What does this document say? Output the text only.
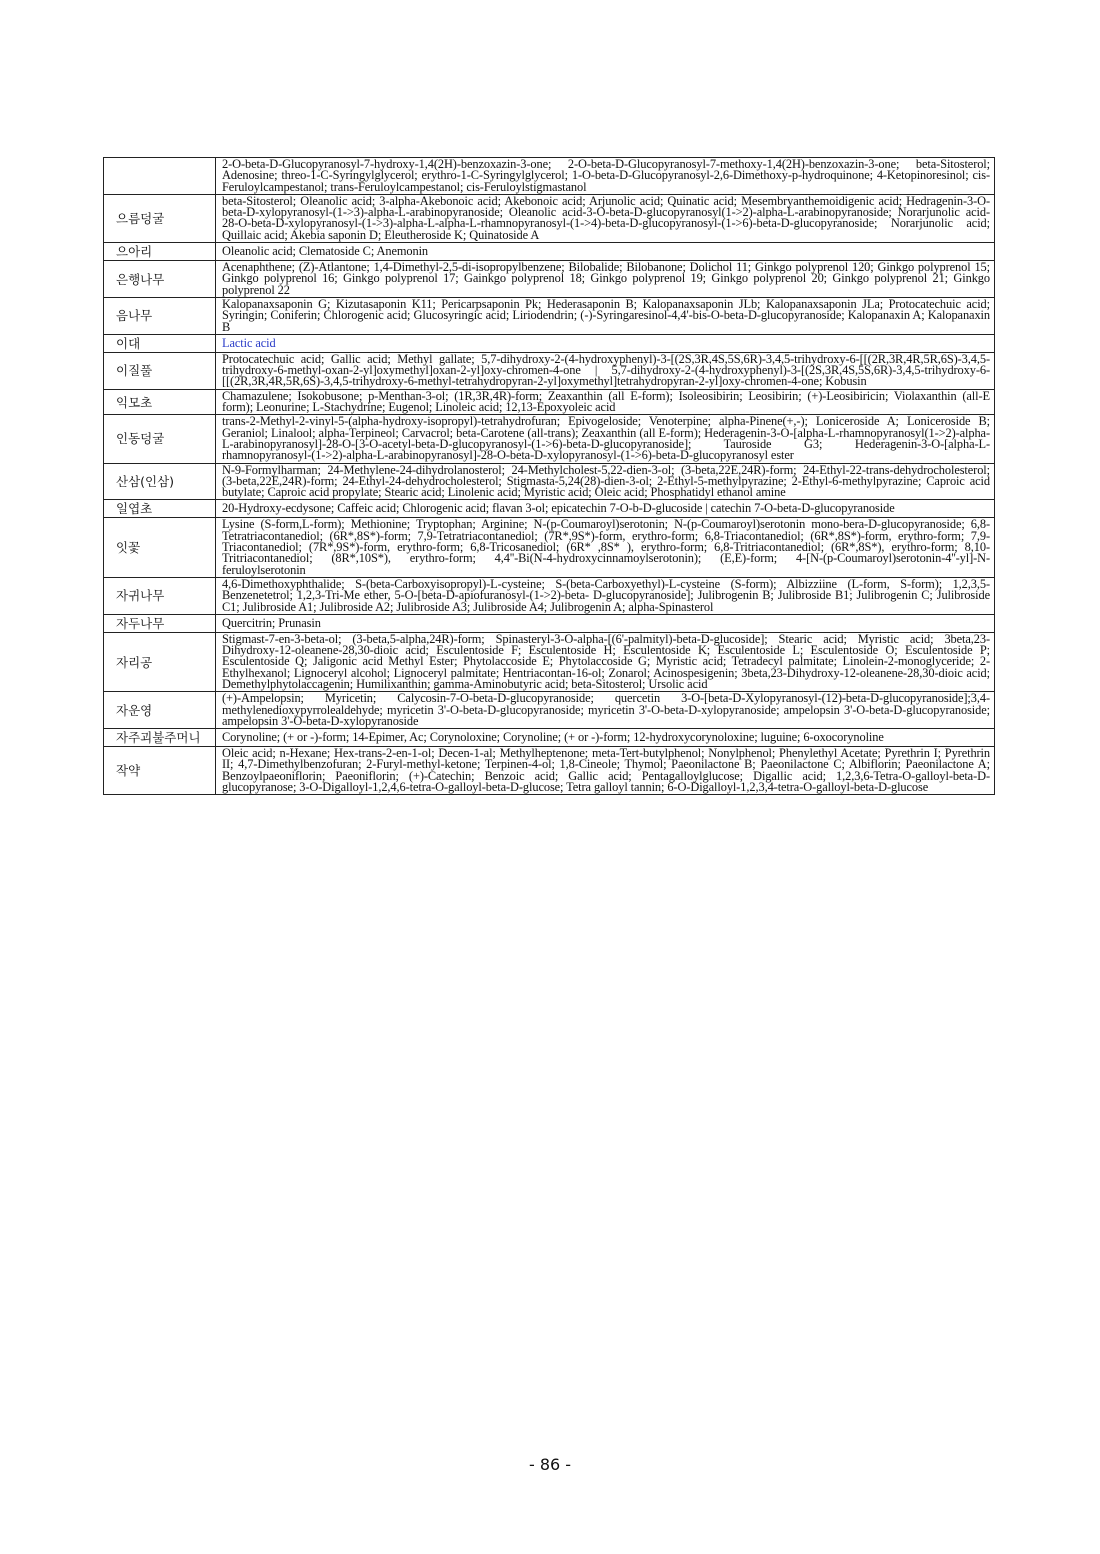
	2-O-beta-D-Glucopyranosyl-7-hydroxy-1,4(2H)-benzoxazin-3-one; 2-O-beta-D-Glucopyranosyl-7-methoxy-1,4(2H)-benzoxazin-3-one; beta-Sitosterol; Adenosine; threo-1-C-Syringylglycerol; erythro-1-C-Syringylglycerol; 1-O-beta-D-Glucopyranosyl-2,6-Dimethoxy-p-hydroquinone; 4-Ketopinoresinol; cis-Feruloylcampestanol; trans-Feruloylcampestanol; cis-Feruloylstigmastanol
으름덩굴	beta-Sitosterol; Oleanolic acid; 3-alpha-Akebonoic acid; Akebonoic acid; Arjunolic acid; Quinatic acid; Mesembryanthemoidigenic acid; Hedragenin-3-O-beta-D-xylopyranosyl-(1->3)-alpha-L-arabinopyranoside; Oleanolic acid-3-O-beta-D-glucopyranosyl(1->2)-alpha-L-arabinopyranoside; Norarjunolic acid-28-O-beta-D-xylopyranosyl-(1->3)-alpha-L-alpha-L-rhamnopyranosyl-(1->4)-beta-D-glucopyranosyl-(1->6)-beta-D-glucopyranoside; Norarjunolic acid; Quillaic acid; Akebia saponin D; Eleutheroside K; Quinatoside A
으아리	Oleanolic acid; Clematoside C; Anemonin
은행나무	Acenaphthene; (Z)-Atlantone; 1,4-Dimethyl-2,5-di-isopropylbenzene; Bilobalide; Bilobanone; Dolichol 11; Ginkgo polyprenol 120; Ginkgo polyprenol 15; Ginkgo polyprenol 16; Ginkgo polyprenol 17; Gainkgo polyprenol 18; Ginkgo polyprenol 19; Ginkgo polyprenol 20; Ginkgo polyprenol 21; Ginkgo polyprenol 22
음나무	Kalopanaxsaponin G; Kizutasaponin K11; Pericarpsaponin Pk; Hederasaponin B; Kalopanaxsaponin JLb; Kalopanaxsaponin JLa; Protocatechuic acid; Syringin; Coniferin; Chlorogenic acid; Glucosyringic acid; Liriodendrin; (-)-Syringaresinol-4,4'-bis-O-beta-D-glucopyranoside; Kalopanaxin A; Kalopanaxin B
이대	Lactic acid
이질풀	Protocatechuic acid; Gallic acid; Methyl gallate; 5,7-dihydroxy-2-(4-hydroxyphenyl)-3-[(2S,3R,4S,5S,6R)-3,4,5-trihydroxy-6-[[(2R,3R,4R,5R,6S)-3,4,5-trihydroxy-6-methyl-oxan-2-yl]oxymethyl]oxan-2-yl]oxy-chromen-4-one | 5,7-dihydroxy-2-(4-hydroxyphenyl)-3-[(2S,3R,4S,5S,6R)-3,4,5-trihydroxy-6-[[(2R,3R,4R,5R,6S)-3,4,5-trihydroxy-6-methyl-tetrahydropyran-2-yl]oxymethyl]tetrahydropyran-2-yl]oxy-chromen-4-one; Kobusin
익모초	Chamazulene; Isokobusone; p-Menthan-3-ol; (1R,3R,4R)-form; Zeaxanthin (all E-form); Isoleosibirin; Leosibirin; (+)-Leosibiricin; Violaxanthin (all-E form); Leonurine; L-Stachydrine; Eugenol; Linoleic acid; 12,13-Epoxyoleic acid
인동덩굴	trans-2-Methyl-2-vinyl-5-(alpha-hydroxy-isopropyl)-tetrahydrofuran; Epivogeloside; Venoterpine; alpha-Pinene(+,-); Loniceroside A; Loniceroside B; Geraniol; Linalool; alpha-Terpineol; Carvacrol; beta-Carotene (all-trans); Zeaxanthin (all E-form); Hederagenin-3-O-[alpha-L-rhamnopyranosyl(1->2)-alpha-L-arabinopyranosyl]-28-O-[3-O-acetyl-beta-D-glucopyranosyl-(1->6)-beta-D-glucopyranoside]; Tauroside G3; Hederagenin-3-O-[alpha-L-rhamnopyranosyl-(1->2)-alpha-L-arabinopyranosyl]-28-O-beta-D-xylopyranosyl-(1->6)-beta-D-glucopyranosyl ester
산삼(인삼)	N-9-Formylharman; 24-Methylene-24-dihydrolanosterol; 24-Methylcholest-5,22-dien-3-ol; (3-beta,22E,24R)-form; 24-Ethyl-22-trans-dehydrocholesterol; (3-beta,22E,24R)-form; 24-Ethyl-24-dehydrocholesterol; Stigmasta-5,24(28)-dien-3-ol; 2-Ethyl-5-methylpyrazine; 2-Ethyl-6-methylpyrazine; Caproic acid butylate; Caproic acid propylate; Stearic acid; Linolenic acid; Myristic acid; Oleic acid; Phosphatidyl ethanol amine
일엽초	20-Hydroxy-ecdysone; Caffeic acid; Chlorogenic acid; flavan 3-ol; epicatechin 7-O-b-D-glucoside | catechin 7-O-beta-D-glucopyranoside
잇꽃	Lysine (S-form,L-form); Methionine; Tryptophan; Arginine; N-(p-Coumaroyl)serotonin; N-(p-Coumaroyl)serotonin mono-bera-D-glucopyranoside; 6,8-Tetratriacontanediol; (6R*,8S*)-form; 7,9-Tetratriacontanediol; (7R*,9S*)-form, erythro-form; 6,8-Triacontanediol; (6R*,8S*)-form, erythro-form; 7,9-Triacontanediol; (7R*,9S*)-form, erythro-form; 6,8-Tricosanediol; (6R* ,8S* ), erythro-form; 6,8-Tritriacontanediol; (6R*,8S*), erythro-form; 8,10-Tritriacontanediol; (8R*,10S*), erythro-form; 4,4''-Bi(N-4-hydroxycinnamoylserotonin); (E,E)-form; 4-[N-(p-Coumaroyl)serotonin-4''-yl]-N-feruloylserotonin
자귀나무	4,6-Dimethoxyphthalide; S-(beta-Carboxyisopropyl)-L-cysteine; S-(beta-Carboxyethyl)-L-cysteine (S-form); Albizziine (L-form, S-form); 1,2,3,5-Benzenetetrol; 1,2,3-Tri-Me ether, 5-O-[beta-D-apiofuranosyl-(1->2)-beta- D-glucopyranoside]; Julibrogenin B; Julibroside B1; Julibrogenin C; Julibroside C1; Julibroside A1; Julibroside A2; Julibroside A3; Julibroside A4; Julibrogenin A; alpha-Spinasterol
자두나무	Quercitrin; Prunasin
자리공	Stigmast-7-en-3-beta-ol; (3-beta,5-alpha,24R)-form; Spinasteryl-3-O-alpha-[(6'-palmityl)-beta-D-glucoside]; Stearic acid; Myristic acid; 3beta,23-Dihydroxy-12-oleanene-28,30-dioic acid; Esculentoside F; Esculentoside H; Esculentoside K; Esculentoside L; Esculentoside O; Esculentoside P; Esculentoside Q; Jaligonic acid Methyl Ester; Phytolaccoside E; Phytolaccoside G; Myristic acid; Tetradecyl palmitate; Linolein-2-monoglyceride; 2-Ethylhexanol; Lignoceryl alcohol; Lignoceryl palmitate; Hentriacontan-16-ol; Zonarol; Acinospesigenin; 3beta,23-Dihydroxy-12-oleanene-28,30-dioic acid; Demethylphytolaccagenin; Humilixanthin; gamma-Aminobutyric acid; beta-Sitosterol; Ursolic acid
자운영	(+)-Ampelopsin; Myricetin; Calycosin-7-O-beta-D-glucopyranoside; quercetin 3-O-[beta-D-Xylopyranosyl-(12)-beta-D-glucopyranoside];3,4-methylenedioxypyrrolealdehyde; myricetin 3'-O-beta-D-glucopyranoside; myricetin 3'-O-beta-D-xylopyranoside; ampelopsin 3'-O-beta-D-glucopyranoside; ampelopsin 3'-O-beta-D-xylopyranoside
자주괴불주머니	Corynoline; (+ or -)-form; 14-Epimer, Ac; Corynoloxine; Corynoline; (+ or -)-form; 12-hydroxycorynoloxine; luguine; 6-oxocorynoline
작약	Oleic acid; n-Hexane; Hex-trans-2-en-1-ol; Decen-1-al; Methylheptenone; meta-Tert-butylphenol; Nonylphenol; Phenylethyl Acetate; Pyrethrin I; Pyrethrin II; 4,7-Dimethylbenzofuran; 2-Furyl-methyl-ketone; Terpinen-4-ol; 1,8-Cineole; Thymol; Paeonilactone B; Paeonilactone C; Albiflorin; Paeonilactone A; Benzoylpaeoniflorin; Paeoniflorin; (+)-Catechin; Benzoic acid; Gallic acid; Pentagalloylglucose; Digallic acid; 1,2,3,6-Tetra-O-galloyl-beta-D-glucopyranose; 3-O-Digalloyl-1,2,4,6-tetra-O-galloyl-beta-D-glucose; Tetra galloyl tannin; 6-O-Digalloyl-1,2,3,4-tetra-O-galloyl-beta-D-glucose
- 86 -
